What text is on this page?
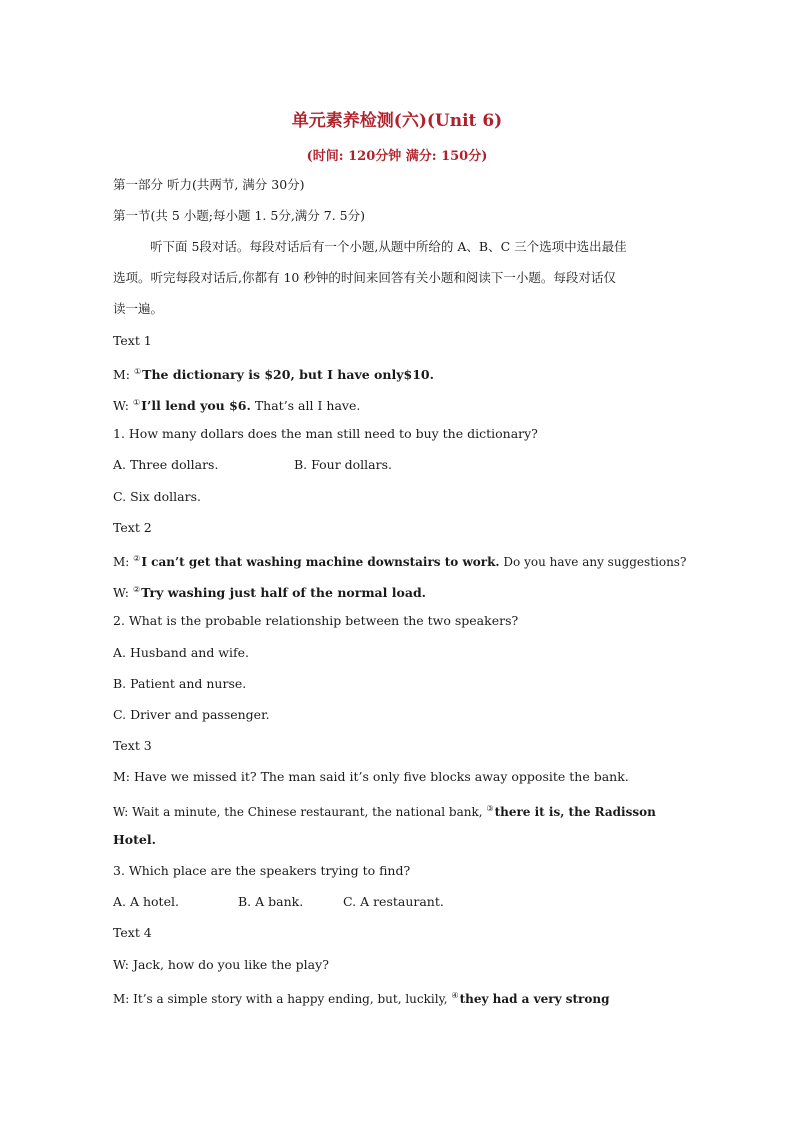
单元素养检测(六)(Unit 6)
(时间: 120分钟 满分: 150分)
第一部分 听力(共两节, 满分 30分)
第一节(共 5 小题;每小题 1. 5分,满分 7. 5分)
听下面 5段对话。每段对话后有一个小题,从题中所给的 A、B、C 三个选项中选出最佳
选项。听完每段对话后,你都有 10 秒钟的时间来回答有关小题和阅读下一小题。每段对话仅
读一遍。
Text 1
M: ①The dictionary is $20, but I have only$10.
W: ①I’ll lend you $6. That’s all I have.
1. How many dollars does the man still need to buy the dictionary?
A. Three dollars.	B. Four dollars.
C. Six dollars.
Text 2
M: ②I can’t get that washing machine downstairs to work. Do you have any suggestions?
W: ②Try washing just half of the normal load.
2. What is the probable relationship between the two speakers?
A. Husband and wife.
B. Patient and nurse.
C. Driver and passenger.
Text 3
M: Have we missed it? The man said it’s only five blocks away opposite the bank.
W: Wait a minute, the Chinese restaurant, the national bank, ③there it is, the Radisson
Hotel.
3. Which place are the speakers trying to find?
A. A hotel.	B. A bank.	C. A restaurant.
Text 4
W: Jack, how do you like the play?
M: It’s a simple story with a happy ending, but, luckily, ④they had a very strong
